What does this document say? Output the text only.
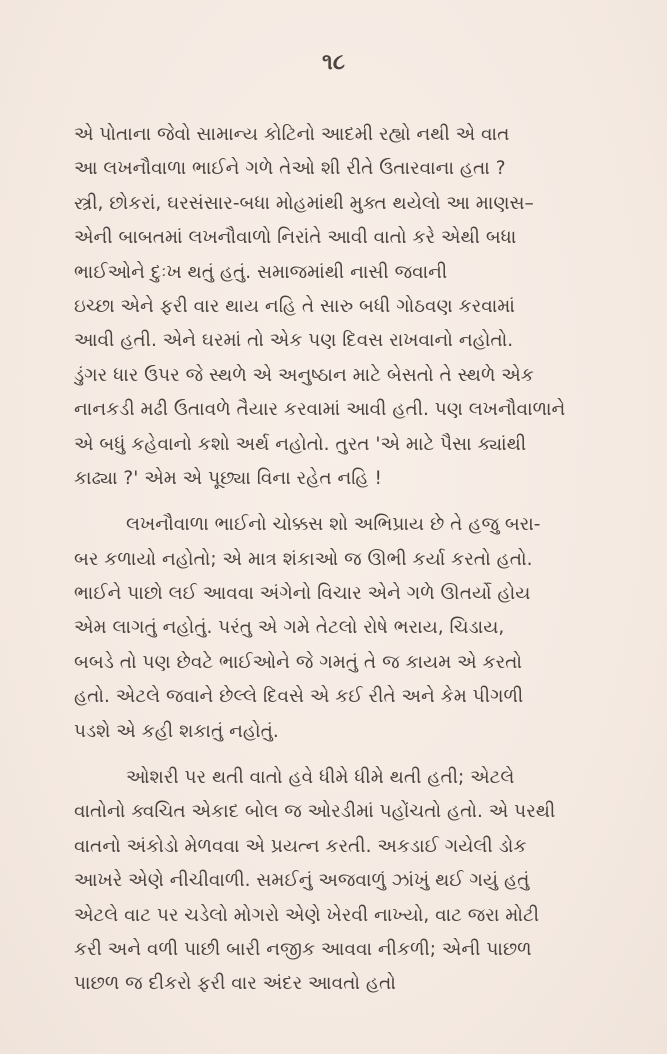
૧૮
એ પોતાના જેવો સામાન્ય કોટિનો આદમી રહ્યો નથી એ વાત
આ લખનૌવાળા ભાઈને ગળે તેઓ શી રીતે ઉતારવાના હતા ?
સ્ત્રી, છોકરાં, ઘરસંસાર-બધા મોહમાંથી મુક્ત થયેલો આ માણસ–
એની બાબતમાં લખનૌવાળો નિરાંતે આવી વાતો કરે એથી બધા
ભાઈઓને દુઃખ થતું હતું. સમાજમાંથી નાસી જવાની
ઇચ્છા એને ફરી વાર થાય નહિ તે સારુ બધી ગોઠવણ કરવામાં
આવી હતી. એને ઘરમાં તો એક પણ દિવસ રાખવાનો નહોતો.
ડુંગર ધાર ઉપર જે સ્થળે એ અનુષ્ઠાન માટે બેસતો તે સ્થળે એક
નાનકડી મઢી ઉતાવળે તૈયાર કરવામાં આવી હતી. પણ લખનૌવાળાને
એ બધું કહેવાનો કશો અર્થ નહોતો. તુરત 'એ માટે પૈસા ક્યાંથી
કાઢ્યા ?' એમ એ પૂછ્યા વિના રહેત નહિ !
લખનૌવાળા ભાઈનો ચોક્કસ શો અભિપ્રાય છે તે હજુ બરા-
બર કળાયો નહોતો; એ માત્ર શંકાઓ જ ઊભી કર્યા કરતો હતો.
ભાઈને પાછો લઈ આવવા અંગેનો વિચાર એને ગળે ઊતર્યો હોય
એમ લાગતું નહોતું. પરંતુ એ ગમે તેટલો રોષે ભરાય, ચિડાય,
બબડે તો પણ છેવટે ભાઈઓને જે ગમતું તે જ કાયમ એ કરતો
હતો. એટલે જવાને છેલ્લે દિવસે એ કઈ રીતે અને કેમ પીગળી
પડશે એ કહી શકાતું નહોતું.
ઓશરી પર થતી વાતો હવે ધીમે ધીમે થતી હતી; એટલે
વાતોનો ક્વચિત એકાદ બોલ જ ઓરડીમાં પહોંચતો હતો. એ પરથી
વાતનો અંકોડો મેળવવા એ પ્રયત્ન કરતી. અકડાઈ ગયેલી ડોક
આખરે એણે નીચીવાળી. સમઈનું અજવાળું ઝાંખું થઈ ગયું હતું
એટલે વાટ પર ચડેલો મોગરો એણે ખેરવી નાખ્યો, વાટ જરા મોટી
કરી અને વળી પાછી બારી નજીક આવવા નીકળી; એની પાછળ
પાછળ જ દીકરો ફરી વાર અંદર આવતો હતો
